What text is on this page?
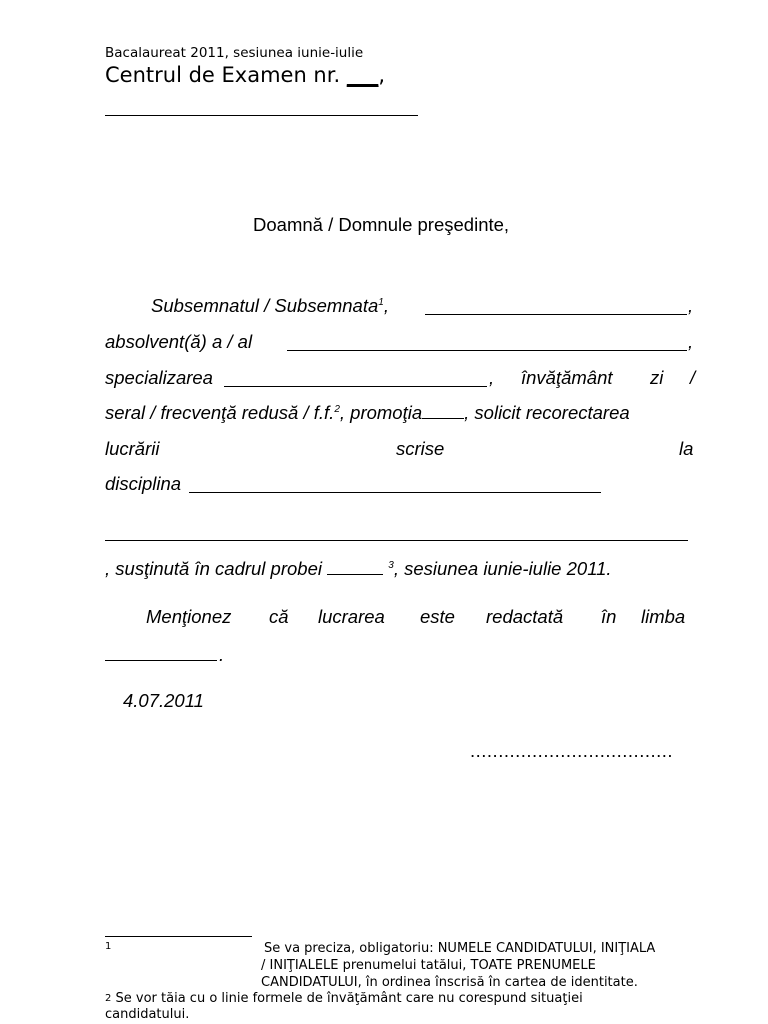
Bacalaureat 2011, sesiunea iunie-iulie
Centrul de Examen nr. ___,
Doamnă / Domnule preşedinte,
Subsemnatul / Subsemnata$^1$,	,
absolvent(ă) a / al	,
specializarea	, învăţământ zi /
seral / frecvenţă redusă / f.f.$^2$, promoţia , solicit recorectarea
lucrării	scrise	la
disciplina
, susţinută în cadrul probei	$^3$, sesiunea iunie-iulie 2011.
Menţionez că lucrarea este redactată în limba
.
4.07.2011
....................................
1	Se va preciza, obligatoriu: NUMELE CANDIDATULUI, INIŢIALA
/ INIŢIALELE prenumelui tatălui, TOATE PRENUMELE
CANDIDATULUI, în ordinea înscrisă în cartea de identitate.
$^2$ Se vor tăia cu o linie formele de învăţământ care nu corespund situaţiei
candidatului.
